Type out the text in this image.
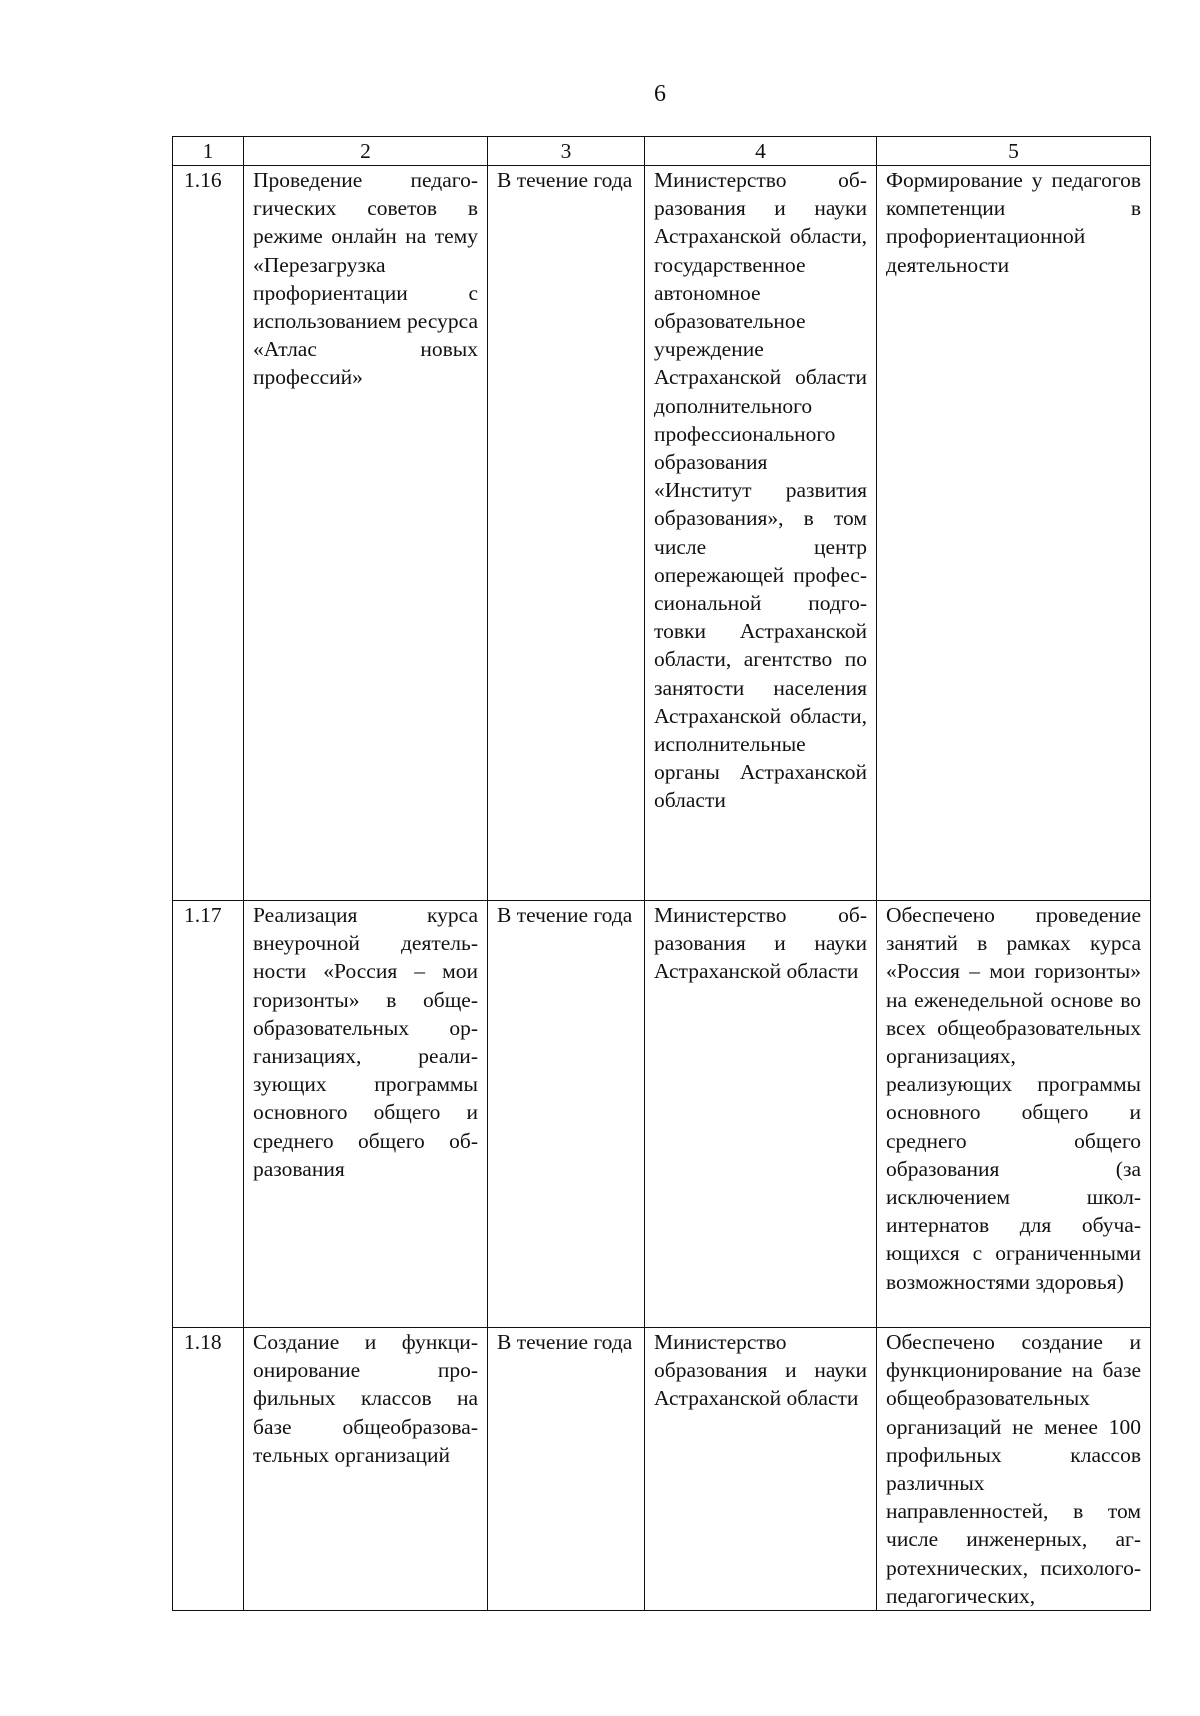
6
1	2	3	4	5
1.16	Проведение педагогических советов в режиме онлайн на тему «Перезагрузка профориентации с использованием ресурса «Атлас новых профессий»	В течение года	Министерство образования и науки Астраханской области, государственное автономное образовательное учреждение Астраханской области дополнительного профессионального образования «Институт развития образования», в том числе центр опережающей профессиональной подготовки Астраханской области, агентство по занятости населения Астраханской области, исполнительные органы Астраханской области	Формирование у педагогов компетенции в профориентационной деятельности
1.17	Реализация курса внеурочной деятельности «Россия – мои горизонты» в общеобразовательных организациях, реализующих программы основного общего и среднего общего образования	В течение года	Министерство образования и науки Астраханской области	Обеспечено проведение занятий в рамках курса «Россия – мои горизонты» на еженедельной основе во всех общеобразовательных организациях, реализующих программы основного общего и среднего общего образования (за исключением школ-интернатов для обучающихся с ограниченными возможностями здоровья)
1.18	Создание и функционирование профильных классов на базе общеобразовательных организаций	В течение года	Министерство образования и науки Астраханской области	Обеспечено создание и функционирование на базе общеобразовательных организаций не менее 100 профильных классов различных направленностей, в том числе инженерных, агротехнических, психолого-педагогических,
